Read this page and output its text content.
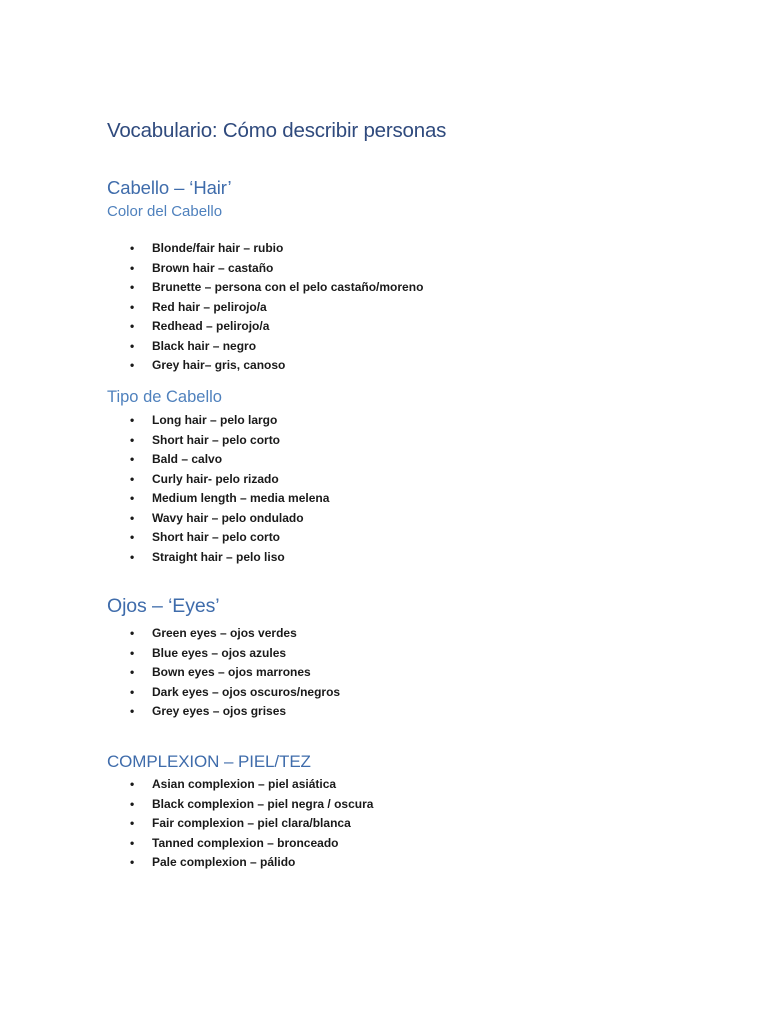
Vocabulario: Cómo describir personas
Cabello – ‘Hair’
Color del Cabello
•	Blonde/fair hair – rubio
•	Brown hair – castaño
•	Brunette – persona con el pelo castaño/moreno
•	Red hair – pelirojo/a
•	Redhead – pelirojo/a
•	Black hair – negro
•	Grey hair– gris, canoso
Tipo de Cabello
•	Long hair – pelo largo
•	Short hair – pelo corto
•	Bald – calvo
•	Curly hair- pelo rizado
•	Medium length – media melena
•	Wavy hair – pelo ondulado
•	Short hair – pelo corto
•	Straight hair – pelo liso
Ojos – ‘Eyes’
•	Green eyes – ojos verdes
•	Blue eyes – ojos azules
•	Bown eyes – ojos marrones
•	Dark eyes – ojos oscuros/negros
•	Grey eyes – ojos grises
COMPLEXION – PIEL/TEZ
•	Asian complexion – piel asiática
•	Black complexion – piel negra / oscura
•	Fair complexion – piel clara/blanca
•	Tanned complexion – bronceado
•	Pale complexion – pálido
